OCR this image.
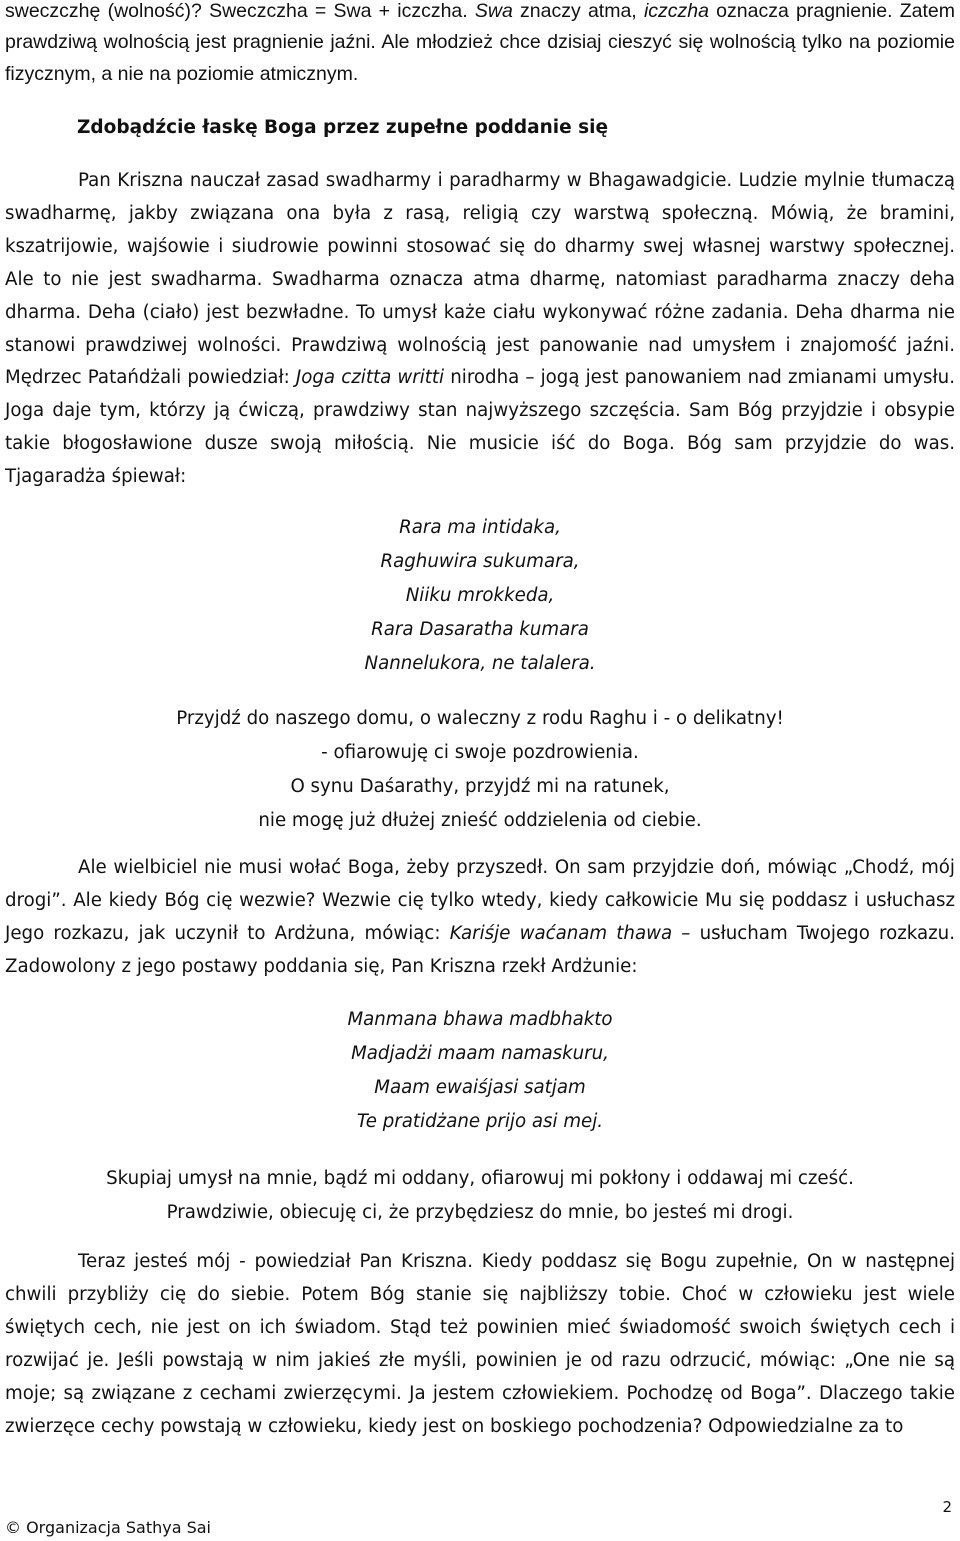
sweczczhę (wolność)? Sweczczha = Swa + iczczha. Swa znaczy atma, iczczha oznacza pragnienie. Zatem prawdziwą wolnością jest pragnienie jaźni. Ale młodzież chce dzisiaj cieszyć się wolnością tylko na poziomie fizycznym, a nie na poziomie atmicznym.

Zdobądźcie łaskę Boga przez zupełne poddanie się

Pan Kriszna nauczał zasad swadharmy i paradharmy w Bhagawadgicie. Ludzie mylnie tłumaczą swadharmę, jakby związana ona była z rasą, religią czy warstwą społeczną. Mówią, że bramini, kszatrijowie, wajśowie i siudrowie powinni stosować się do dharmy swej własnej warstwy społecznej. Ale to nie jest swadharma. Swadharma oznacza atma dharmę, natomiast paradharma znaczy deha dharma. Deha (ciało) jest bezwładne. To umysł każe ciału wykonywać różne zadania. Deha dharma nie stanowi prawdziwej wolności. Prawdziwą wolnością jest panowanie nad umysłem i znajomość jaźni. Mędrzec Patańdżali powiedział: Joga czitta writti nirodha – jogą jest panowaniem nad zmianami umysłu. Joga daje tym, którzy ją ćwiczą, prawdziwy stan najwyższego szczęścia. Sam Bóg przyjdzie i obsypie takie błogosławione dusze swoją miłością. Nie musicie iść do Boga. Bóg sam przyjdzie do was. Tjagaradża śpiewał:

Rara ma intidaka,
Raghuwira sukumara,
Niiku mrokkeda,
Rara Dasaratha kumara
Nannelukora, ne talalera.
Przyjdź do naszego domu, o waleczny z rodu Raghu i - o delikatny!
- ofiarowuję ci swoje pozdrowienia.
O synu Daśarathy, przyjdź mi na ratunek,
nie mogę już dłużej znieść oddzielenia od ciebie.

Ale wielbiciel nie musi wołać Boga, żeby przyszedł. On sam przyjdzie doń, mówiąc „Chodź, mój drogi”. Ale kiedy Bóg cię wezwie? Wezwie cię tylko wtedy, kiedy całkowicie Mu się poddasz i usłuchasz Jego rozkazu, jak uczynił to Ardżuna, mówiąc: Kariśje waćanam thawa – usłucham Twojego rozkazu. Zadowolony z jego postawy poddania się, Pan Kriszna rzekł Ardżunie:

Manmana bhawa madbhakto
Madjadżi maam namaskuru,
Maam ewaiśjasi satjam
Te pratidżane prijo asi mej.
Skupiaj umysł na mnie, bądź mi oddany, ofiarowuj mi pokłony i oddawaj mi cześć.
Prawdziwie, obiecuję ci, że przybędziesz do mnie, bo jesteś mi drogi.

Teraz jesteś mój - powiedział Pan Kriszna. Kiedy poddasz się Bogu zupełnie, On w następnej chwili przybliży cię do siebie. Potem Bóg stanie się najbliższy tobie. Choć w człowieku jest wiele świętych cech, nie jest on ich świadom. Stąd też powinien mieć świadomość swoich świętych cech i rozwijać je. Jeśli powstają w nim jakieś złe myśli, powinien je od razu odrzucić, mówiąc: „One nie są moje; są związane z cechami zwierzęcymi. Ja jestem człowiekiem. Pochodzę od Boga”. Dlaczego takie zwierzęce cechy powstają w człowieku, kiedy jest on boskiego pochodzenia? Odpowiedzialne za to

© Organizacja Sathya Sai
2
